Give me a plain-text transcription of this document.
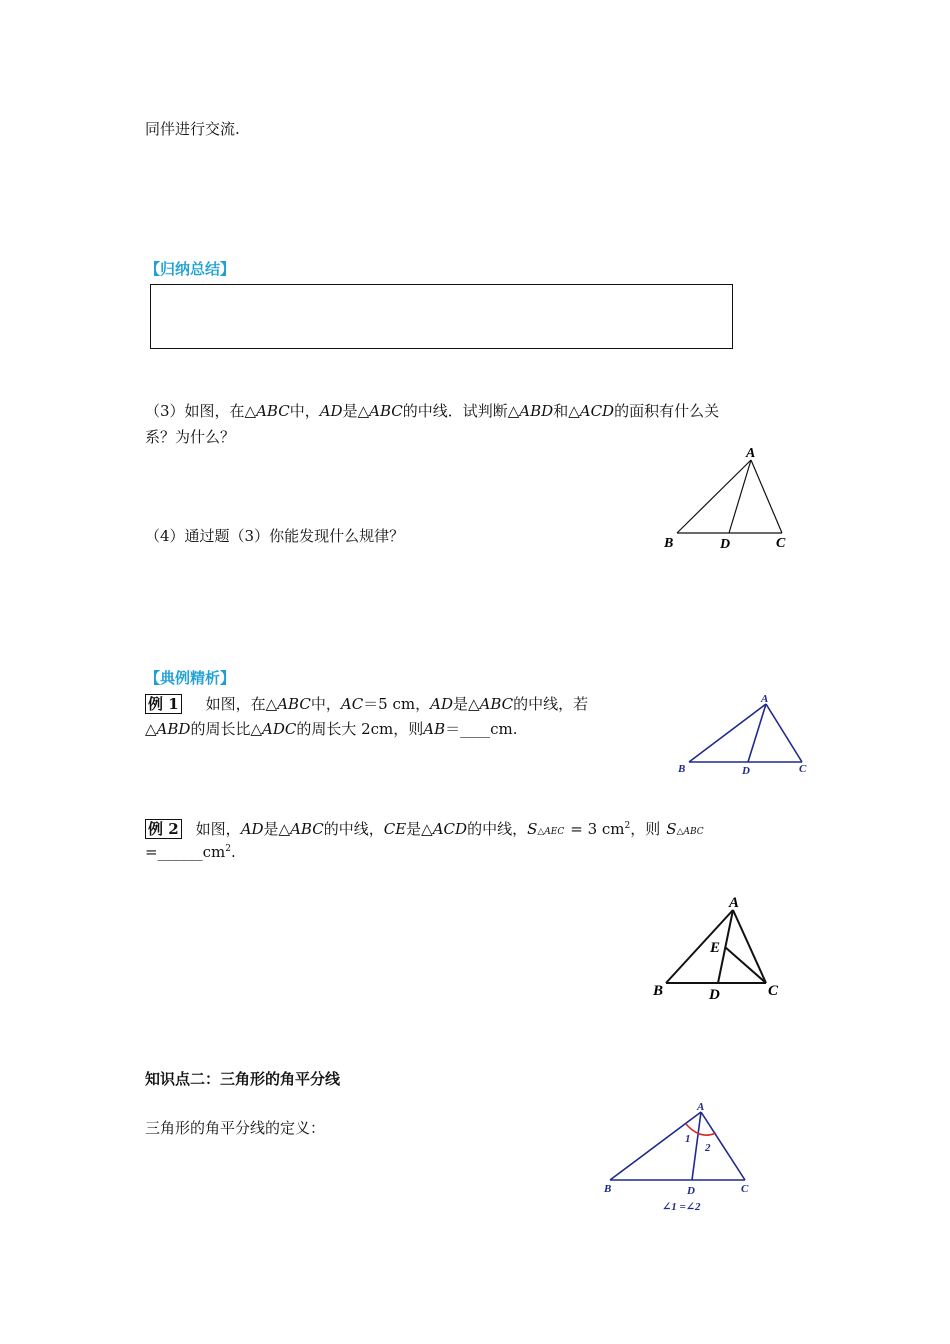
同伴进行交流.
【归纳总结】
（3）如图，在△ABC中，AD是△ABC的中线．试判断△ABD和△ACD的面积有什么关
系？为什么？
（4）通过题（3）你能发现什么规律？
A
B	D	C
【典例精析】
例 1 如图，在△ABC中，AC＝5 cm，AD是△ABC的中线，若
△ABD的周长比△ADC的周长大 2cm，则AB＝____cm.
A
B	D	C
例 2 如图，AD是△ABC的中线，CE是△ACD的中线，S△AEC = 3 $cm^2$，则 S△ABC
$=\_\_\_\_\_\_cm^2$.
A
B	D	C
E
知识点二：三角形的角平分线
三角形的角平分线的定义：
A
B	D	C
1
2
∠1 =∠2
